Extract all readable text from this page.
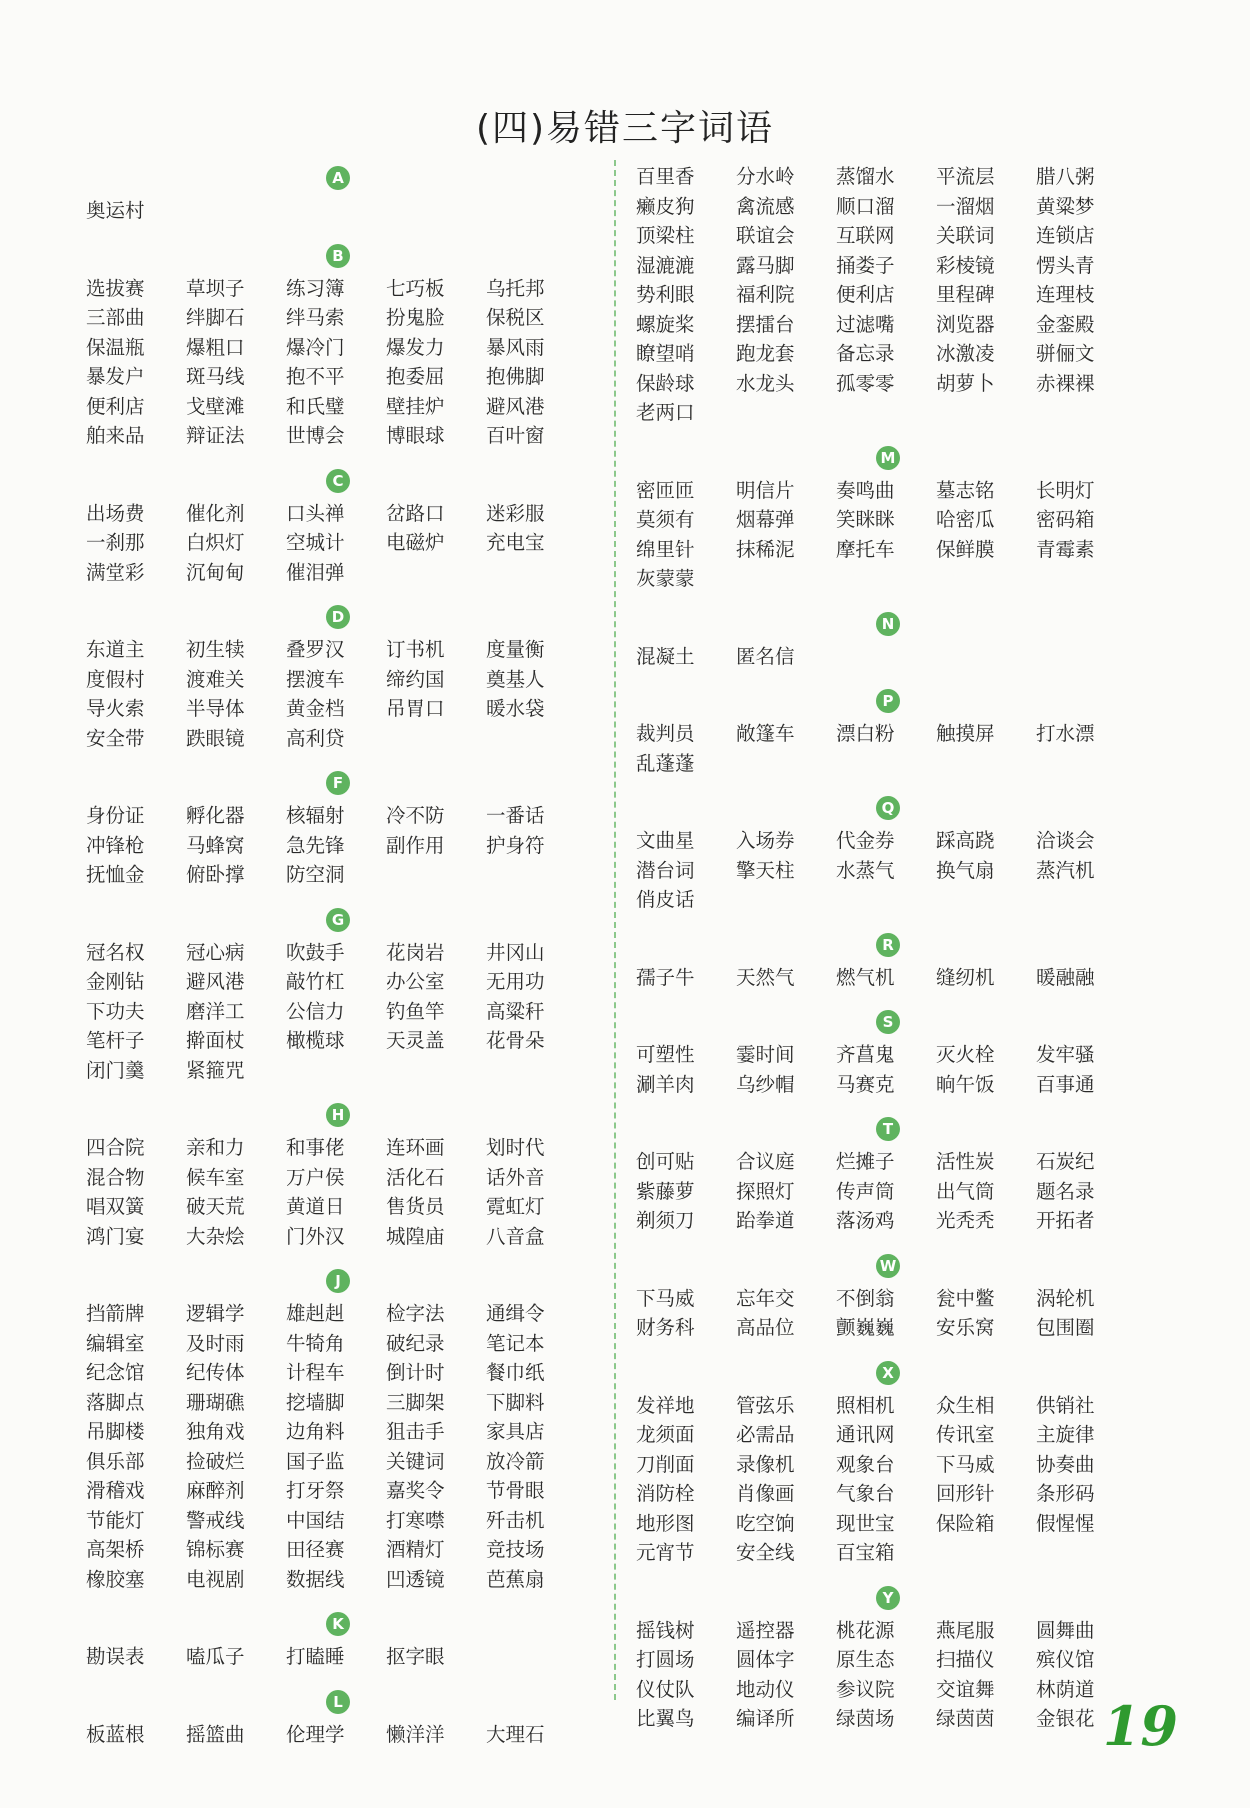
(四)易错三字词语
A
奥运村
B
选拔赛	草坝子	练习簿	七巧板	乌托邦
三部曲	绊脚石	绊马索	扮鬼脸	保税区
保温瓶	爆粗口	爆冷门	爆发力	暴风雨
暴发户	斑马线	抱不平	抱委屈	抱佛脚
便利店	戈壁滩	和氏璧	壁挂炉	避风港
舶来品	辩证法	世博会	博眼球	百叶窗
C
出场费	催化剂	口头禅	岔路口	迷彩服
一刹那	白炽灯	空城计	电磁炉	充电宝
满堂彩	沉甸甸	催泪弹
D
东道主	初生犊	叠罗汉	订书机	度量衡
度假村	渡难关	摆渡车	缔约国	奠基人
导火索	半导体	黄金档	吊胃口	暖水袋
安全带	跌眼镜	高利贷
F
身份证	孵化器	核辐射	冷不防	一番话
冲锋枪	马蜂窝	急先锋	副作用	护身符
抚恤金	俯卧撑	防空洞
G
冠名权	冠心病	吹鼓手	花岗岩	井冈山
金刚钻	避风港	敲竹杠	办公室	无用功
下功夫	磨洋工	公信力	钓鱼竿	高粱秆
笔杆子	擀面杖	橄榄球	天灵盖	花骨朵
闭门羹	紧箍咒
H
四合院	亲和力	和事佬	连环画	划时代
混合物	候车室	万户侯	活化石	话外音
唱双簧	破天荒	黄道日	售货员	霓虹灯
鸿门宴	大杂烩	门外汉	城隍庙	八音盒
J
挡箭牌	逻辑学	雄赳赳	检字法	通缉令
编辑室	及时雨	牛犄角	破纪录	笔记本
纪念馆	纪传体	计程车	倒计时	餐巾纸
落脚点	珊瑚礁	挖墙脚	三脚架	下脚料
吊脚楼	独角戏	边角料	狙击手	家具店
俱乐部	捡破烂	国子监	关键词	放冷箭
滑稽戏	麻醉剂	打牙祭	嘉奖令	节骨眼
节能灯	警戒线	中国结	打寒噤	歼击机
高架桥	锦标赛	田径赛	酒精灯	竞技场
橡胶塞	电视剧	数据线	凹透镜	芭蕉扇
K
勘误表	嗑瓜子	打瞌睡	抠字眼
L
板蓝根	摇篮曲	伦理学	懒洋洋	大理石
百里香	分水岭	蒸馏水	平流层	腊八粥
癞皮狗	禽流感	顺口溜	一溜烟	黄粱梦
顶梁柱	联谊会	互联网	关联词	连锁店
湿漉漉	露马脚	捅娄子	彩棱镜	愣头青
势利眼	福利院	便利店	里程碑	连理枝
螺旋桨	摆擂台	过滤嘴	浏览器	金銮殿
瞭望哨	跑龙套	备忘录	冰激凌	骈俪文
保龄球	水龙头	孤零零	胡萝卜	赤裸裸
老两口
M
密匝匝	明信片	奏鸣曲	墓志铭	长明灯
莫须有	烟幕弹	笑眯眯	哈密瓜	密码箱
绵里针	抹稀泥	摩托车	保鲜膜	青霉素
灰蒙蒙
N
混凝土	匿名信
P
裁判员	敞篷车	漂白粉	触摸屏	打水漂
乱蓬蓬
Q
文曲星	入场券	代金券	踩高跷	洽谈会
潜台词	擎天柱	水蒸气	换气扇	蒸汽机
俏皮话
R
孺子牛	天然气	燃气机	缝纫机	暖融融
S
可塑性	霎时间	齐菖鬼	灭火栓	发牢骚
涮羊肉	乌纱帽	马赛克	晌午饭	百事通
T
创可贴	合议庭	烂摊子	活性炭	石炭纪
紫藤萝	探照灯	传声筒	出气筒	题名录
剃须刀	跆拳道	落汤鸡	光秃秃	开拓者
W
下马威	忘年交	不倒翁	瓮中鳖	涡轮机
财务科	高品位	颤巍巍	安乐窝	包围圈
X
发祥地	管弦乐	照相机	众生相	供销社
龙须面	必需品	通讯网	传讯室	主旋律
刀削面	录像机	观象台	下马威	协奏曲
消防栓	肖像画	气象台	回形针	条形码
地形图	吃空饷	现世宝	保险箱	假惺惺
元宵节	安全线	百宝箱
Y
摇钱树	遥控器	桃花源	燕尾服	圆舞曲
打圆场	圆体字	原生态	扫描仪	殡仪馆
仪仗队	地动仪	参议院	交谊舞	林荫道
比翼鸟	编译所	绿茵场	绿茵茵	金银花 19
